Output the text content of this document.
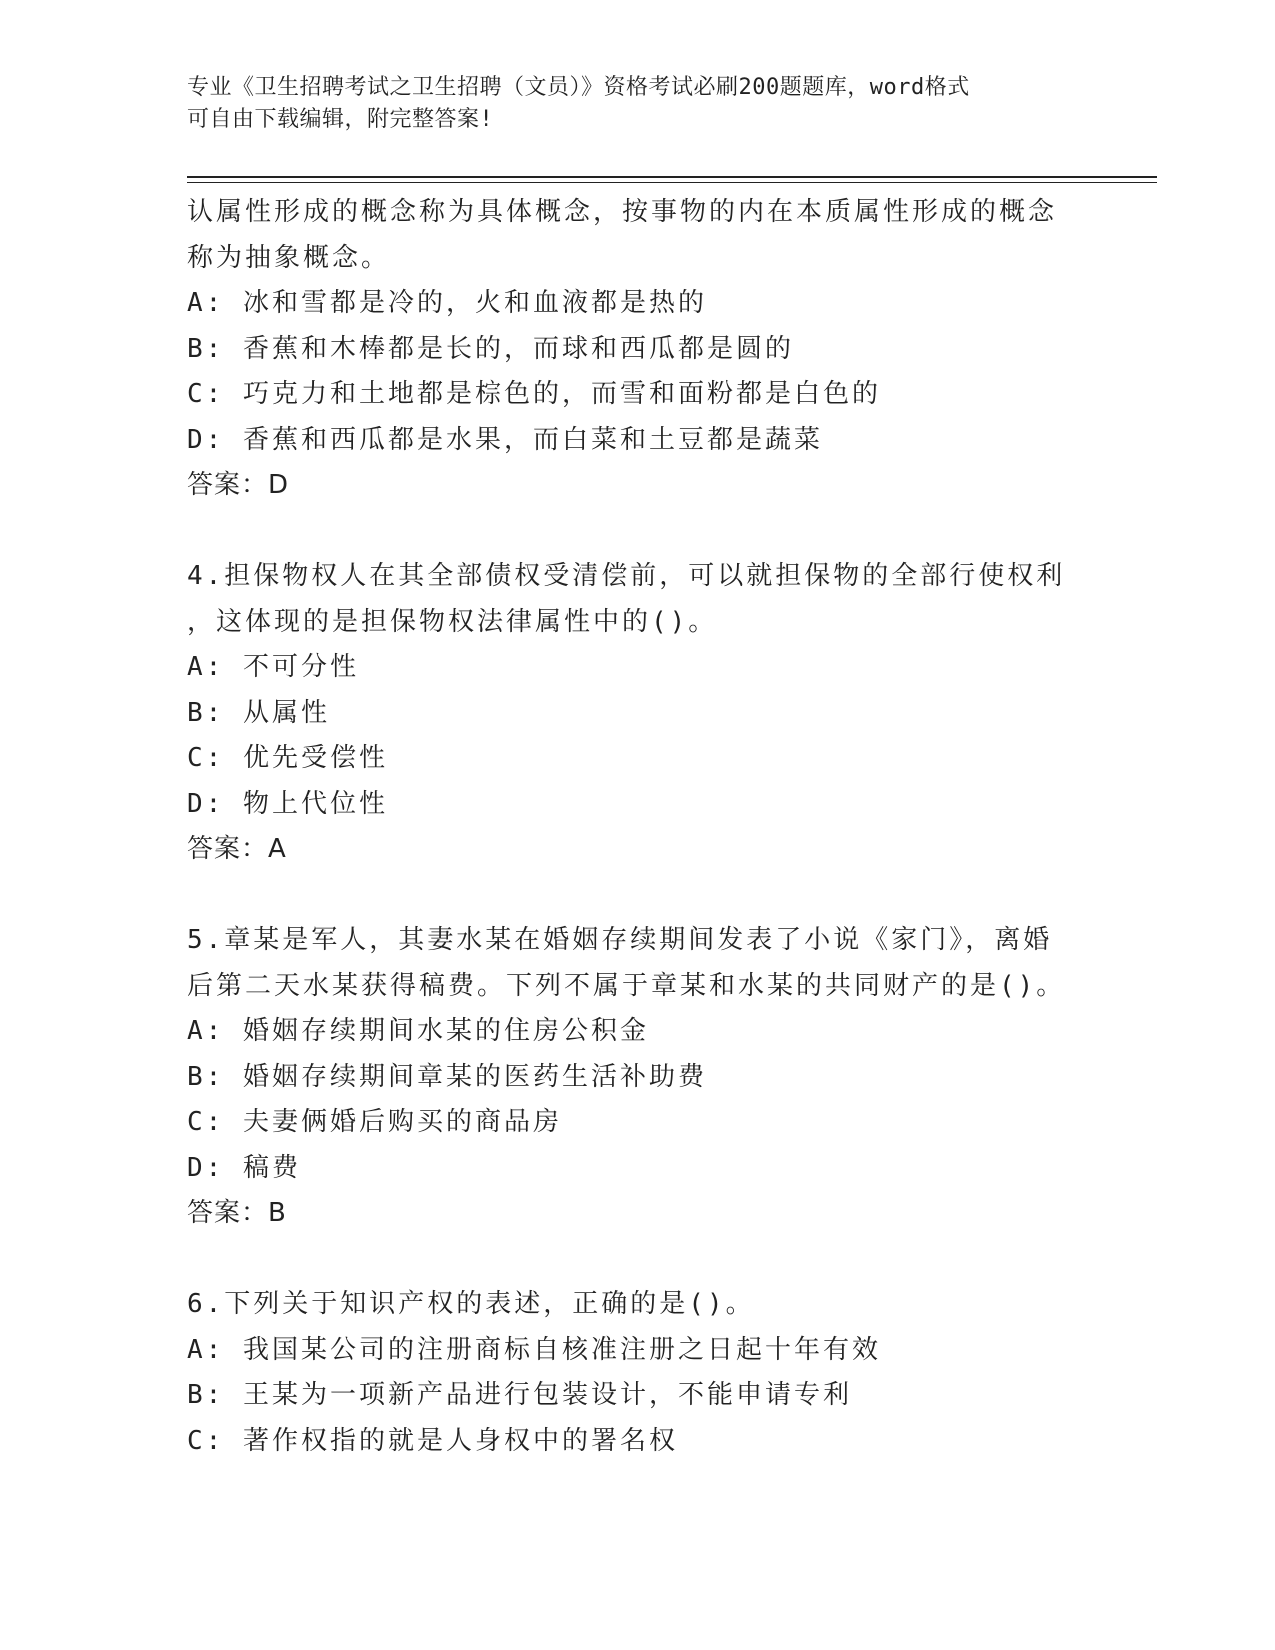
专业《卫生招聘考试之卫生招聘（文员）》资格考试必刷200题题库，word格式
可自由下载编辑，附完整答案!
认属性形成的概念称为具体概念，按事物的内在本质属性形成的概念
称为抽象概念。
A: 冰和雪都是冷的，火和血液都是热的
B: 香蕉和木棒都是长的，而球和西瓜都是圆的
C: 巧克力和土地都是棕色的，而雪和面粉都是白色的
D: 香蕉和西瓜都是水果，而白菜和土豆都是蔬菜
答案：D
4.担保物权人在其全部债权受清偿前，可以就担保物的全部行使权利
，这体现的是担保物权法律属性中的()。
A: 不可分性
B: 从属性
C: 优先受偿性
D: 物上代位性
答案：A
5.章某是军人，其妻水某在婚姻存续期间发表了小说《家门》，离婚
后第二天水某获得稿费。下列不属于章某和水某的共同财产的是()。
A: 婚姻存续期间水某的住房公积金
B: 婚姻存续期间章某的医药生活补助费
C: 夫妻俩婚后购买的商品房
D: 稿费
答案：B
6.下列关于知识产权的表述，正确的是()。
A: 我国某公司的注册商标自核准注册之日起十年有效
B: 王某为一项新产品进行包装设计，不能申请专利
C: 著作权指的就是人身权中的署名权
